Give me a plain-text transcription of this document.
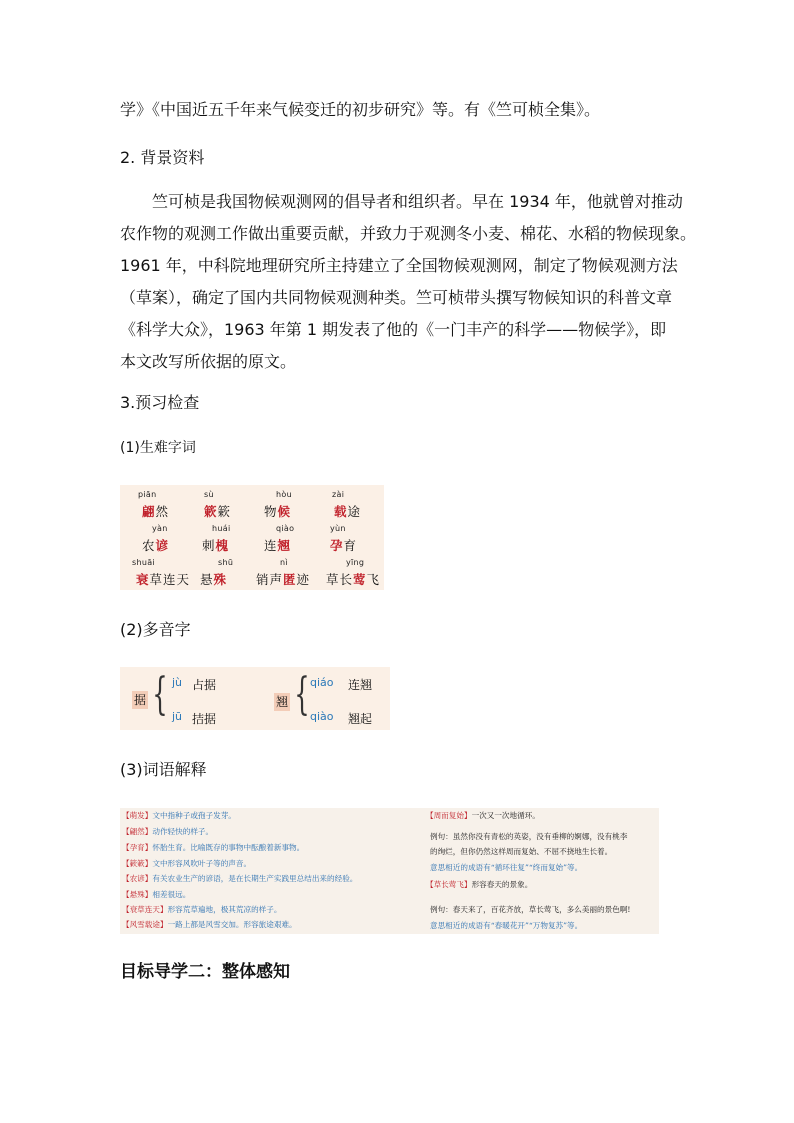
学》《中国近五千年来气候变迁的初步研究》等。有《竺可桢全集》。
2. 背景资料

竺可桢是我国物候观测网的倡导者和组织者。早在 1934 年，他就曾对推动

农作物的观测工作做出重要贡献，并致力于观测冬小麦、棉花、水稻的物候现象。

1961 年，中科院地理研究所主持建立了全国物候观测网，制定了物候观测方法

（草案），确定了国内共同物候观测种类。竺可桢带头撰写物候知识的科普文章

《科学大众》，1963 年第 1 期发表了他的《一门丰产的科学——物候学》，即

本文改写所依据的原文。

3.预习检查
(1)生难字词
piān
翩然
sù
簌簌
hòu
物候
zài
载途
yàn
农谚
huái
刺槐
qiào
连翘
yùn
孕育
shuāi
衰草连天
shū
悬殊
nì
销声匿迹
yīng
草长莺飞
(2)多音字
据 { jù 占据
jū 拮据
翘 { qiáo 连翘
qiào 翘起
(3)词语解释
【萌发】文中指种子或孢子发芽。
【翩然】动作轻快的样子。
【孕育】怀胎生育。比喻既存的事物中酝酿着新事物。
【簌簌】文中形容风吹叶子等的声音。
【农谚】有关农业生产的谚语，是在长期生产实践里总结出来的经验。
【悬殊】相差很远。
【衰草连天】形容荒草遍地，极其荒凉的样子。
【风雪载途】一路上都是风雪交加。形容旅途艰难。
【周而复始】一次又一次地循环。
例句：虽然你没有青松的英姿，没有垂柳的婀娜，没有桃李
的绚烂，但你仍然这样周而复始、不屈不挠地生长着。
意思相近的成语有“循环往复”“终而复始”等。
【草长莺飞】形容春天的景象。
例句：春天来了，百花齐放，草长莺飞，多么美丽的景色啊!
意思相近的成语有“春暖花开”“万物复苏”等。
目标导学二：整体感知
